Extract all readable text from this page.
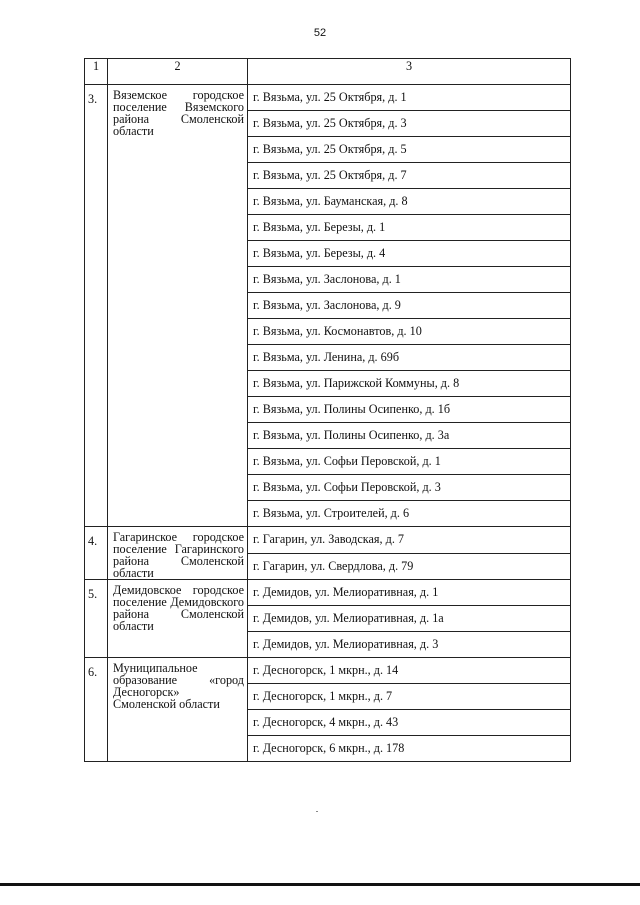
52
1	2	3
3.	Вяземское городское поселение Вяземского района Смоленской области	г. Вязьма, ул. 25 Октября, д. 1
		г. Вязьма, ул. 25 Октября, д. 3
		г. Вязьма, ул. 25 Октября, д. 5
		г. Вязьма, ул. 25 Октября, д. 7
		г. Вязьма, ул. Бауманская, д. 8
		г. Вязьма, ул. Березы, д. 1
		г. Вязьма, ул. Березы, д. 4
		г. Вязьма, ул. Заслонова, д. 1
		г. Вязьма, ул. Заслонова, д. 9
		г. Вязьма, ул. Космонавтов, д. 10
		г. Вязьма, ул. Ленина, д. 69б
		г. Вязьма, ул. Парижской Коммуны, д. 8
		г. Вязьма, ул. Полины Осипенко, д. 1б
		г. Вязьма, ул. Полины Осипенко, д. 3а
		г. Вязьма, ул. Софьи Перовской, д. 1
		г. Вязьма, ул. Софьи Перовской, д. 3
		г. Вязьма, ул. Строителей, д. 6
4.	Гагаринское городское поселение Гагаринского района Смоленской области	г. Гагарин, ул. Заводская, д. 7
		г. Гагарин, ул. Свердлова, д. 79
5.	Демидовское городское поселение Демидовского района Смоленской области	г. Демидов, ул. Мелиоративная, д. 1
		г. Демидов, ул. Мелиоративная, д. 1а
		г. Демидов, ул. Мелиоративная, д. 3
6.	Муниципальное образование «город Десногорск» Смоленской области	г. Десногорск, 1 мкрн., д. 14
		г. Десногорск, 1 мкрн., д. 7
		г. Десногорск, 4 мкрн., д. 43
		г. Десногорск, 6 мкрн., д. 178
